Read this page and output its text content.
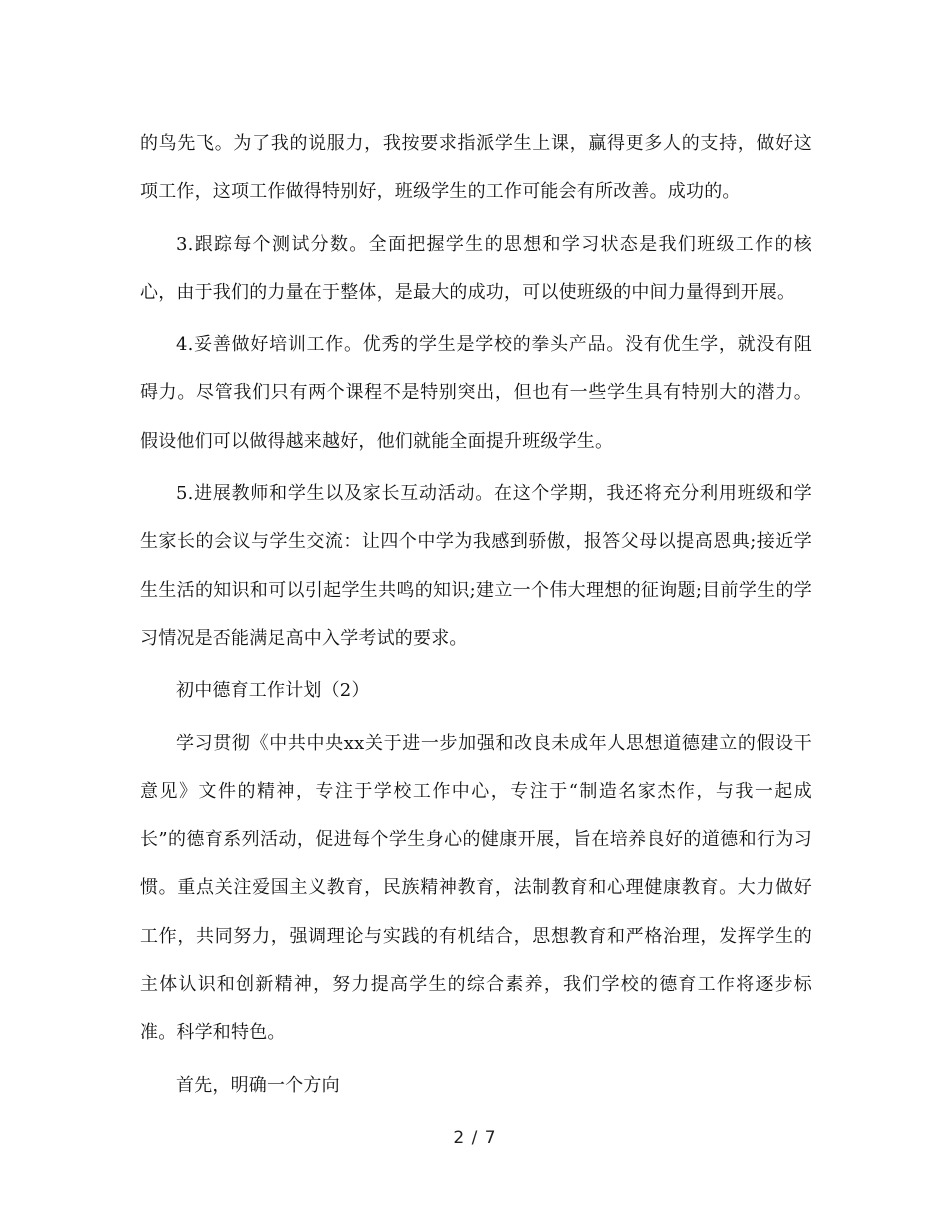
的鸟先飞。为了我的说服力，我按要求指派学生上课，赢得更多人的支持，做好这项工作，这项工作做得特别好，班级学生的工作可能会有所改善。成功的。

3.跟踪每个测试分数。全面把握学生的思想和学习状态是我们班级工作的核心，由于我们的力量在于整体，是最大的成功，可以使班级的中间力量得到开展。

4.妥善做好培训工作。优秀的学生是学校的拳头产品。没有优生学，就没有阻碍力。尽管我们只有两个课程不是特别突出，但也有一些学生具有特别大的潜力。假设他们可以做得越来越好，他们就能全面提升班级学生。

5.进展教师和学生以及家长互动活动。在这个学期，我还将充分利用班级和学生家长的会议与学生交流：让四个中学为我感到骄傲，报答父母以提高恩典;接近学生生活的知识和可以引起学生共鸣的知识;建立一个伟大理想的征询题;目前学生的学习情况是否能满足高中入学考试的要求。

初中德育工作计划（2）

学习贯彻《中共中央xx关于进一步加强和改良未成年人思想道德建立的假设干意见》文件的精神，专注于学校工作中心，专注于“制造名家杰作，与我一起成长”的德育系列活动，促进每个学生身心的健康开展，旨在培养良好的道德和行为习惯。重点关注爱国主义教育，民族精神教育，法制教育和心理健康教育。大力做好工作，共同努力，强调理论与实践的有机结合，思想教育和严格治理，发挥学生的主体认识和创新精神，努力提高学生的综合素养，我们学校的德育工作将逐步标准。科学和特色。

首先，明确一个方向

2 / 7
